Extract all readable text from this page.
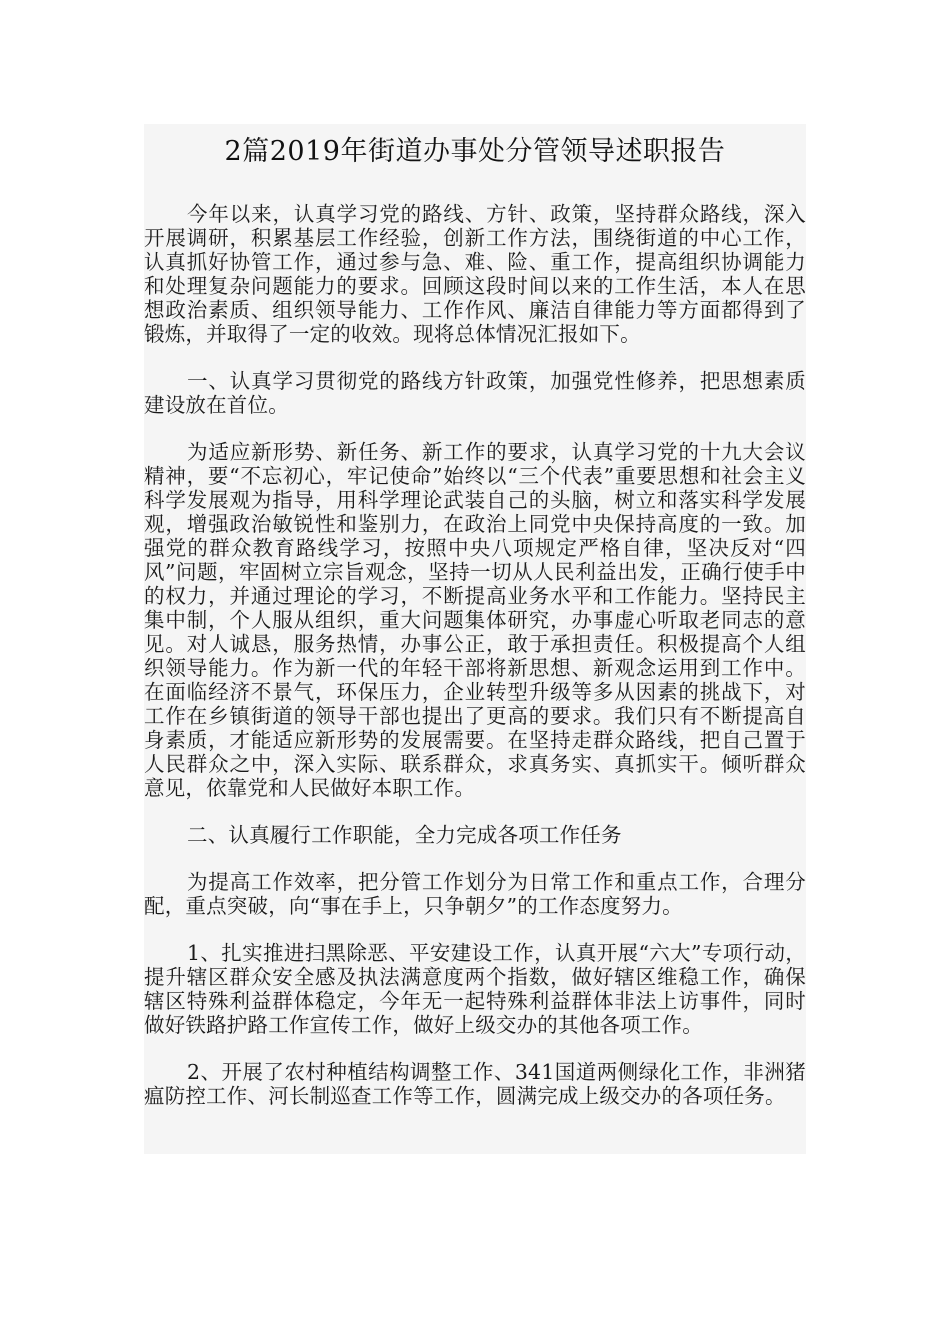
2篇2019年街道办事处分管领导述职报告

今年以来，认真学习党的路线、方针、政策，坚持群众路线，深入开展调研，积累基层工作经验，创新工作方法，围绕街道的中心工作，认真抓好协管工作，通过参与急、难、险、重工作，提高组织协调能力和处理复杂问题能力的要求。回顾这段时间以来的工作生活，本人在思想政治素质、组织领导能力、工作作风、廉洁自律能力等方面都得到了锻炼，并取得了一定的收效。现将总体情况汇报如下。

一、认真学习贯彻党的路线方针政策，加强党性修养，把思想素质建设放在首位。

为适应新形势、新任务、新工作的要求，认真学习党的十九大会议精神，要“不忘初心，牢记使命”始终以“三个代表”重要思想和社会主义科学发展观为指导，用科学理论武装自己的头脑，树立和落实科学发展观，增强政治敏锐性和鉴别力，在政治上同党中央保持高度的一致。加强党的群众教育路线学习，按照中央八项规定严格自律，坚决反对“四风”问题，牢固树立宗旨观念，坚持一切从人民利益出发，正确行使手中的权力，并通过理论的学习，不断提高业务水平和工作能力。坚持民主集中制，个人服从组织，重大问题集体研究，办事虚心听取老同志的意见。对人诚恳，服务热情，办事公正，敢于承担责任。积极提高个人组织领导能力。作为新一代的年轻干部将新思想、新观念运用到工作中。在面临经济不景气，环保压力，企业转型升级等多从因素的挑战下，对工作在乡镇街道的领导干部也提出了更高的要求。我们只有不断提高自身素质，才能适应新形势的发展需要。在坚持走群众路线，把自己置于人民群众之中，深入实际、联系群众，求真务实、真抓实干。倾听群众意见，依靠党和人民做好本职工作。

二、认真履行工作职能，全力完成各项工作任务

为提高工作效率，把分管工作划分为日常工作和重点工作，合理分配，重点突破，向“事在手上，只争朝夕”的工作态度努力。

1、扎实推进扫黑除恶、平安建设工作，认真开展“六大”专项行动，提升辖区群众安全感及执法满意度两个指数，做好辖区维稳工作，确保辖区特殊利益群体稳定，今年无一起特殊利益群体非法上访事件，同时做好铁路护路工作宣传工作，做好上级交办的其他各项工作。

2、开展了农村种植结构调整工作、341国道两侧绿化工作，非洲猪瘟防控工作、河长制巡查工作等工作，圆满完成上级交办的各项任务。
